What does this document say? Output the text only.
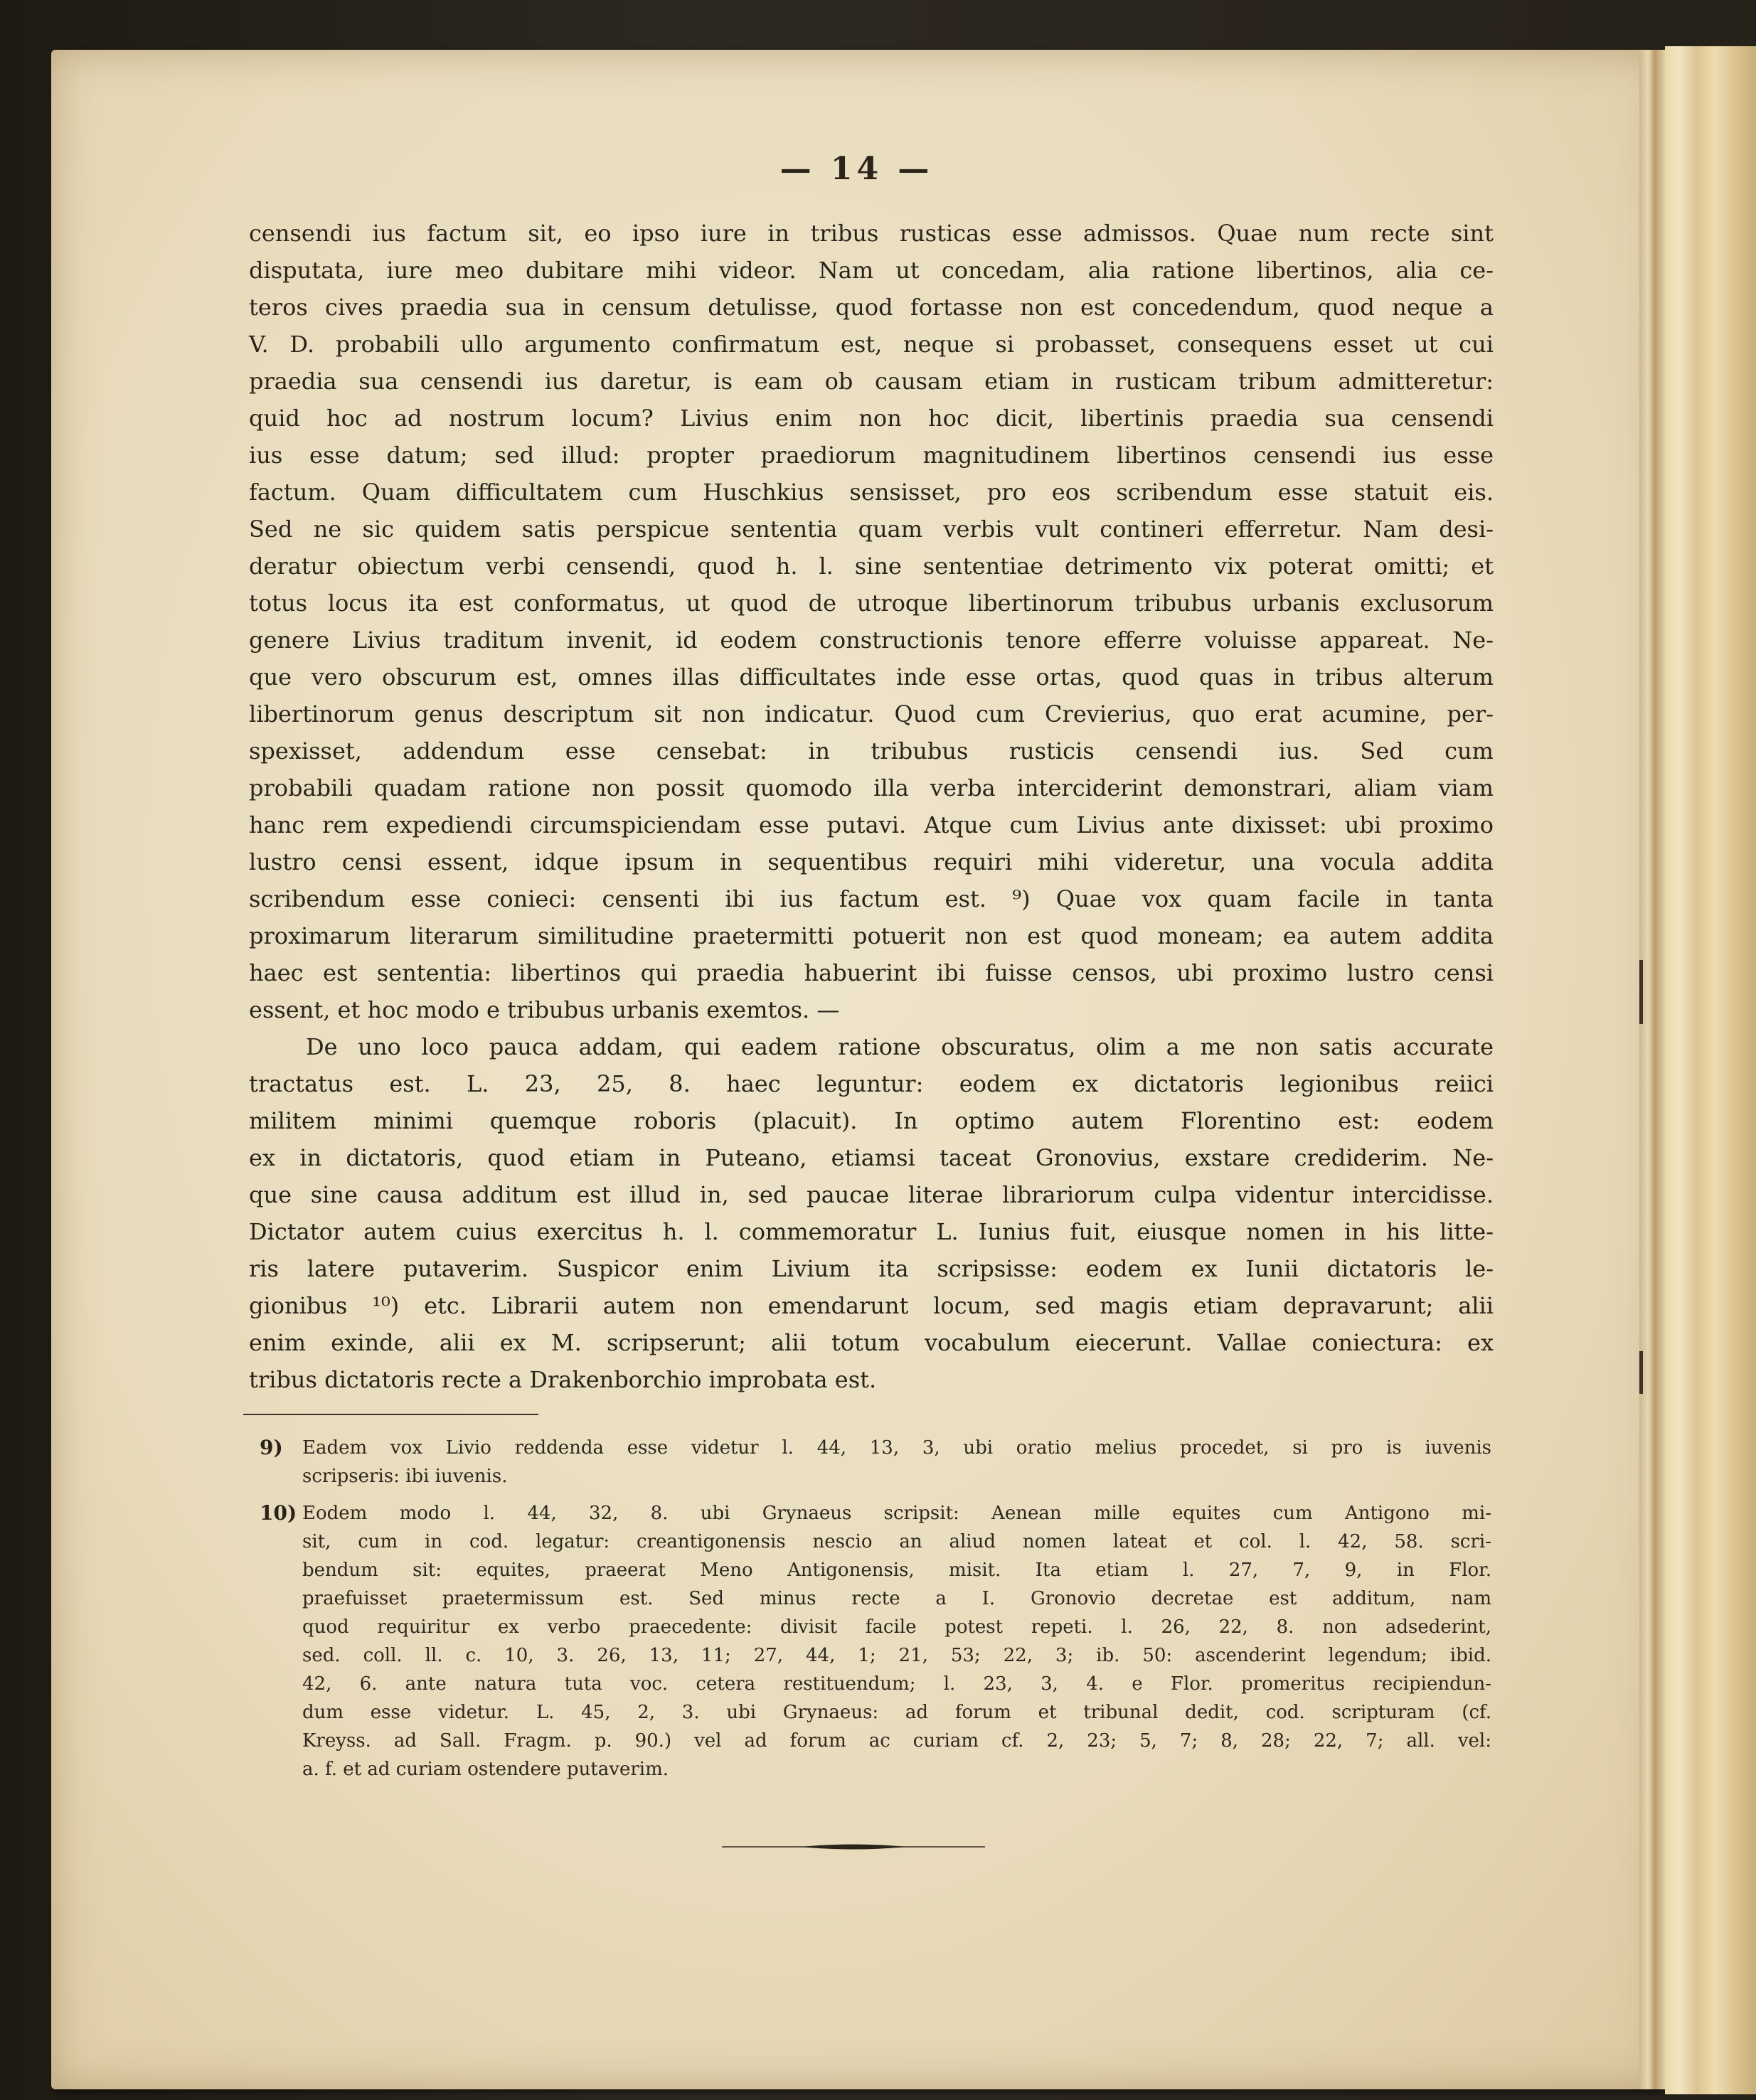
— 14 —
censendi ius factum sit, eo ipso iure in tribus rusticas esse admissos. Quae num recte sint
disputata, iure meo dubitare mihi videor. Nam ut concedam, alia ratione libertinos, alia ce-
teros cives praedia sua in censum detulisse, quod fortasse non est concedendum, quod neque a
V. D. probabili ullo argumento confirmatum est, neque si probasset, consequens esset ut cui
praedia sua censendi ius daretur, is eam ob causam etiam in rusticam tribum admitteretur:
quid hoc ad nostrum locum? Livius enim non hoc dicit, libertinis praedia sua censendi
ius esse datum; sed illud: propter praediorum magnitudinem libertinos censendi ius esse
factum. Quam difficultatem cum Huschkius sensisset, pro eos scribendum esse statuit eis.
Sed ne sic quidem satis perspicue sententia quam verbis vult contineri efferretur. Nam desi-
deratur obiectum verbi censendi, quod h. l. sine sententiae detrimento vix poterat omitti; et
totus locus ita est conformatus, ut quod de utroque libertinorum tribubus urbanis exclusorum
genere Livius traditum invenit, id eodem constructionis tenore efferre voluisse appareat. Ne-
que vero obscurum est, omnes illas difficultates inde esse ortas, quod quas in tribus alterum
libertinorum genus descriptum sit non indicatur. Quod cum Crevierius, quo erat acumine, per-
spexisset, addendum esse censebat: in tribubus rusticis censendi ius. Sed cum
probabili quadam ratione non possit quomodo illa verba interciderint demonstrari, aliam viam
hanc rem expediendi circumspiciendam esse putavi. Atque cum Livius ante dixisset: ubi proximo
lustro censi essent, idque ipsum in sequentibus requiri mihi videretur, una vocula addita
scribendum esse conieci: censenti ibi ius factum est. ⁹) Quae vox quam facile in tanta
proximarum literarum similitudine praetermitti potuerit non est quod moneam; ea autem addita
haec est sententia: libertinos qui praedia habuerint ibi fuisse censos, ubi proximo lustro censi
essent, et hoc modo e tribubus urbanis exemtos. —
De uno loco pauca addam, qui eadem ratione obscuratus, olim a me non satis accurate
tractatus est. L. 23, 25, 8. haec leguntur: eodem ex dictatoris legionibus reiici
militem minimi quemque roboris (placuit). In optimo autem Florentino est: eodem
ex in dictatoris, quod etiam in Puteano, etiamsi taceat Gronovius, exstare crediderim. Ne-
que sine causa additum est illud in, sed paucae literae librariorum culpa videntur intercidisse.
Dictator autem cuius exercitus h. l. commemoratur L. Iunius fuit, eiusque nomen in his litte-
ris latere putaverim. Suspicor enim Livium ita scripsisse: eodem ex Iunii dictatoris le-
gionibus ¹⁰) etc. Librarii autem non emendarunt locum, sed magis etiam depravarunt; alii
enim exinde, alii ex M. scripserunt; alii totum vocabulum eiecerunt. Vallae coniectura: ex
tribus dictatoris recte a Drakenborchio improbata est.
9) Eadem vox Livio reddenda esse videtur l. 44, 13, 3, ubi oratio melius procedet, si pro is iuvenis
scripseris: ibi iuvenis.
10) Eodem modo l. 44, 32, 8. ubi Grynaeus scripsit: Aenean mille equites cum Antigono mi-
sit, cum in cod. legatur: creantigonensis nescio an aliud nomen lateat et col. l. 42, 58. scri-
bendum sit: equites, praeerat Meno Antigonensis, misit. Ita etiam l. 27, 7, 9, in Flor.
praefuisset praetermissum est. Sed minus recte a I. Gronovio decretae est additum, nam
quod requiritur ex verbo praecedente: divisit facile potest repeti. l. 26, 22, 8. non adsederint,
sed. coll. ll. c. 10, 3. 26, 13, 11; 27, 44, 1; 21, 53; 22, 3; ib. 50: ascenderint legendum; ibid.
42, 6. ante natura tuta voc. cetera restituendum; l. 23, 3, 4. e Flor. promeritus recipiendun-
dum esse videtur. L. 45, 2, 3. ubi Grynaeus: ad forum et tribunal dedit, cod. scripturam (cf.
Kreyss. ad Sall. Fragm. p. 90.) vel ad forum ac curiam cf. 2, 23; 5, 7; 8, 28; 22, 7; all. vel:
a. f. et ad curiam ostendere putaverim.
